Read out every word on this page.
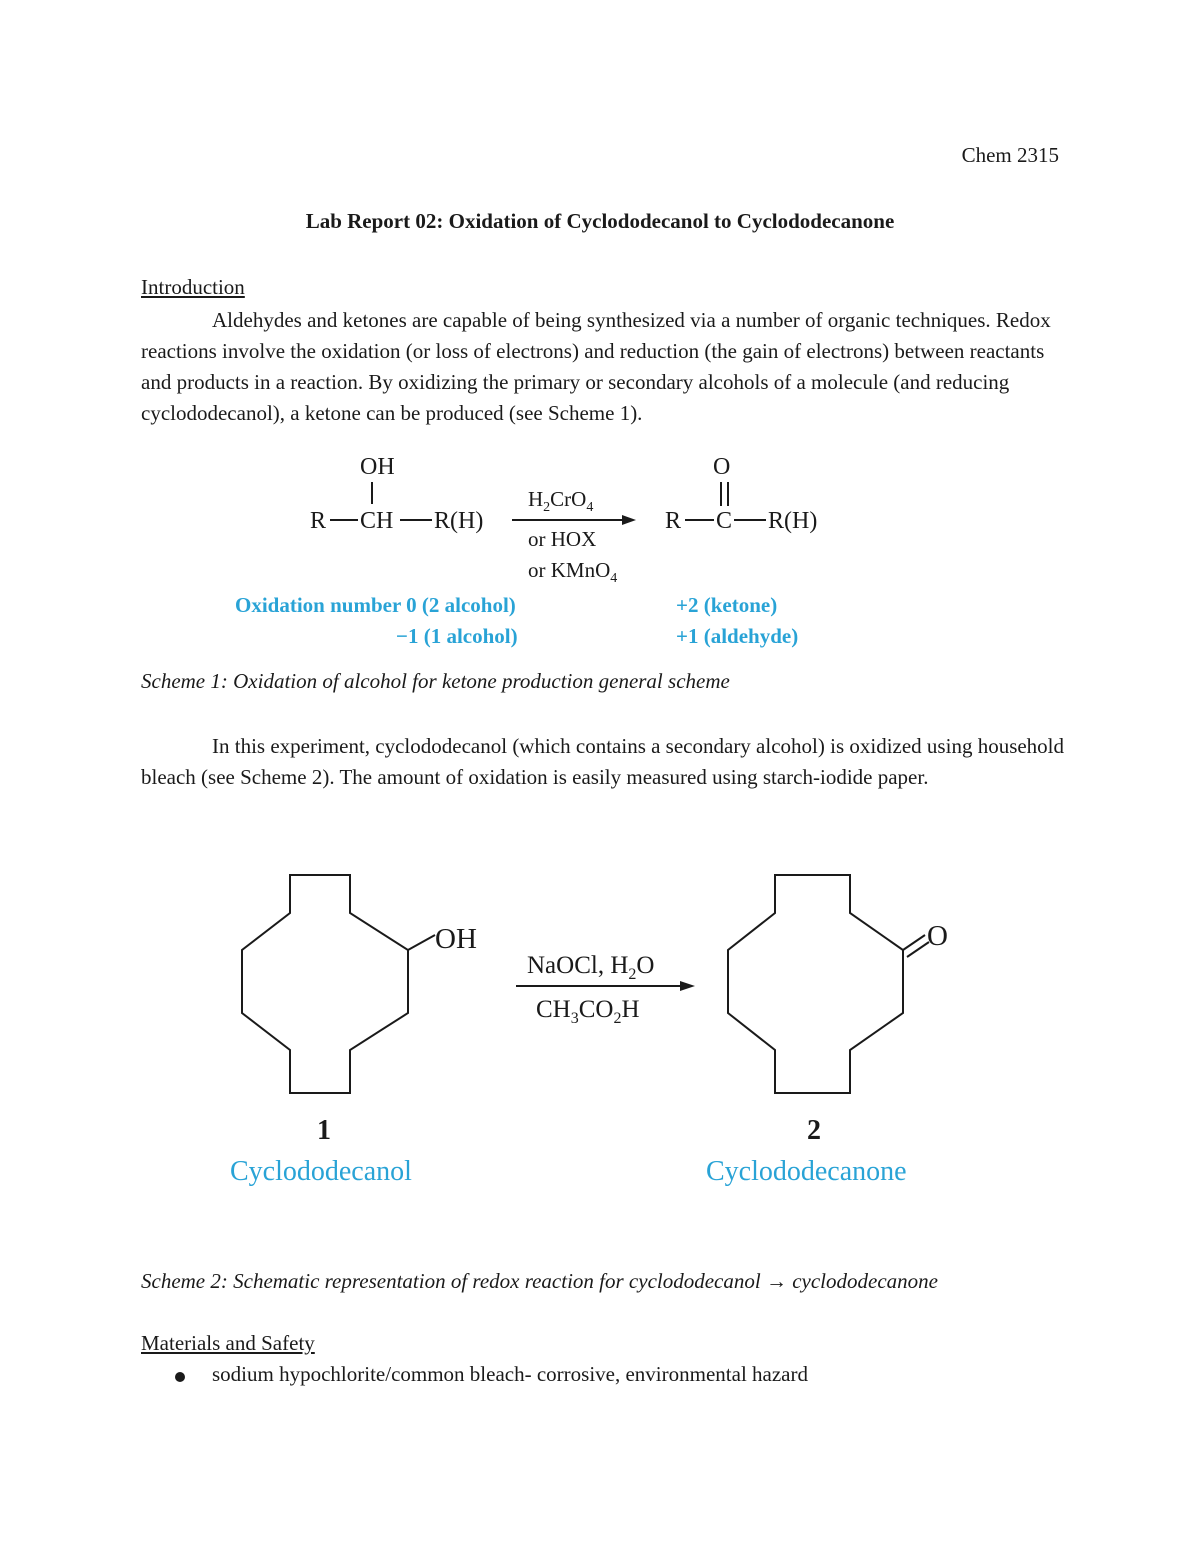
Chem 2315
Lab Report 02: Oxidation of Cyclododecanol to Cyclododecanone
Introduction
Aldehydes and ketones are capable of being synthesized via a number of organic techniques. Redox reactions involve the oxidation (or loss of electrons) and reduction (the gain of electrons) between reactants and products in a reaction. By oxidizing the primary or secondary alcohols of a molecule (and reducing cyclododecanol), a ketone can be produced (see Scheme 1).
OH
R CH R(H)
$H_2CrO_4$
or HOX
or KMnO$_4$
O
R C R(H)
Oxidation number 0 (2 alcohol)
−1 (1 alcohol)
+2 (ketone)
+1 (aldehyde)
Scheme 1: Oxidation of alcohol for ketone production general scheme
In this experiment, cyclododecanol (which contains a secondary alcohol) is oxidized using household bleach (see Scheme 2). The amount of oxidation is easily measured using starch-iodide paper.
OH	O
NaOCl, $H_2O$
$CH_3CO_2H$
1	2
Cyclododecanol	Cyclododecanone
Scheme 2: Schematic representation of redox reaction for cyclododecanol → cyclododecanone
Materials and Safety
sodium hypochlorite/common bleach- corrosive, environmental hazard
